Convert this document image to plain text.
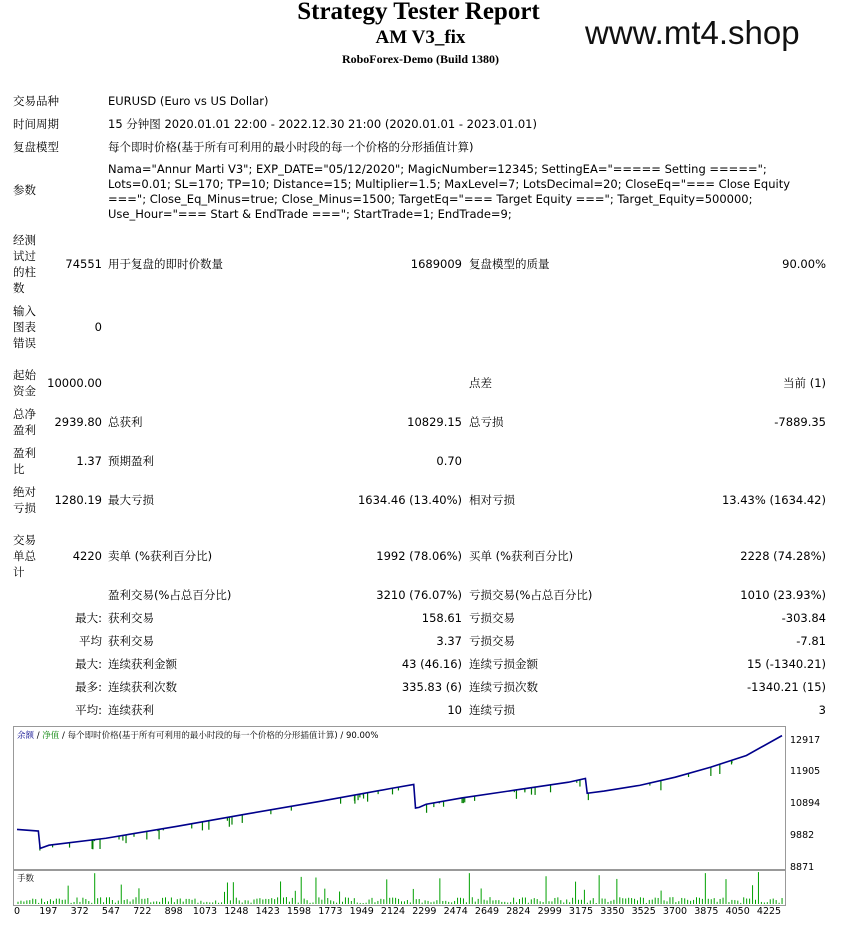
Strategy Tester Report
AM V3_fix
RoboForex-Demo (Build 1380)
www.mt4.shop
交易品种	EURUSD (Euro vs US Dollar)
时间周期	15 分钟图 2020.01.01 22:00 - 2022.12.30 21:00 (2020.01.01 - 2023.01.01)
复盘模型	每个即时价格(基于所有可利用的最小时段的每一个价格的分形插值计算)
参数
Nama="Annur Marti V3"; EXP_DATE="05/12/2020"; MagicNumber=12345; SettingEA="===== Setting ====="; Lots=0.01; SL=170; TP=10; Distance=15; Multiplier=1.5; MaxLevel=7; LotsDecimal=20; CloseEq="=== Close Equity ==="; Close_Eq_Minus=true; Close_Minus=1500; TargetEq="=== Target Equity ==="; Target_Equity=500000; Use_Hour="=== Start & EndTrade ==="; StartTrade=1; EndTrade=9;
经测试过的柱数
74551 用于复盘的即时价数量	1689009 复盘模型的质量	90.00%
输入图表错误
0
起始资金
10000.00	点差	当前 (1)
总净盈利
2939.80 总获利	10829.15 总亏损	-7889.35
盈利比
1.37 预期盈利	0.70
绝对亏损
1280.19 最大亏损	1634.46 (13.40%) 相对亏损	13.43% (1634.42)
交易单总计
4220 卖单 (%获利百分比)	1992 (78.06%) 买单 (%获利百分比)	2228 (74.28%)
盈利交易(%占总百分比)	3210 (76.07%) 亏损交易(%占总百分比)	1010 (23.93%)
最大: 获利交易	158.61 亏损交易	-303.84
平均 获利交易	3.37 亏损交易	-7.81
最大: 连续获利金额	43 (46.16) 连续亏损金额	15 (-1340.21)
最多: 连续获利次数	335.83 (6) 连续亏损次数	-1340.21 (15)
平均: 连续获利	10 连续亏损	3
余额 / 净值 / 每个即时价格(基于所有可利用的最小时段的每一个价格的分形插值计算) / 90.00%	12917
11905
10894
9882
8871
手数
0	197	372	547	722	898	1073 1248 1423 1598 1773 1949 2124 2299 2474 2649 2824 2999 3175 3350 3525 3700 3875 4050 4225
